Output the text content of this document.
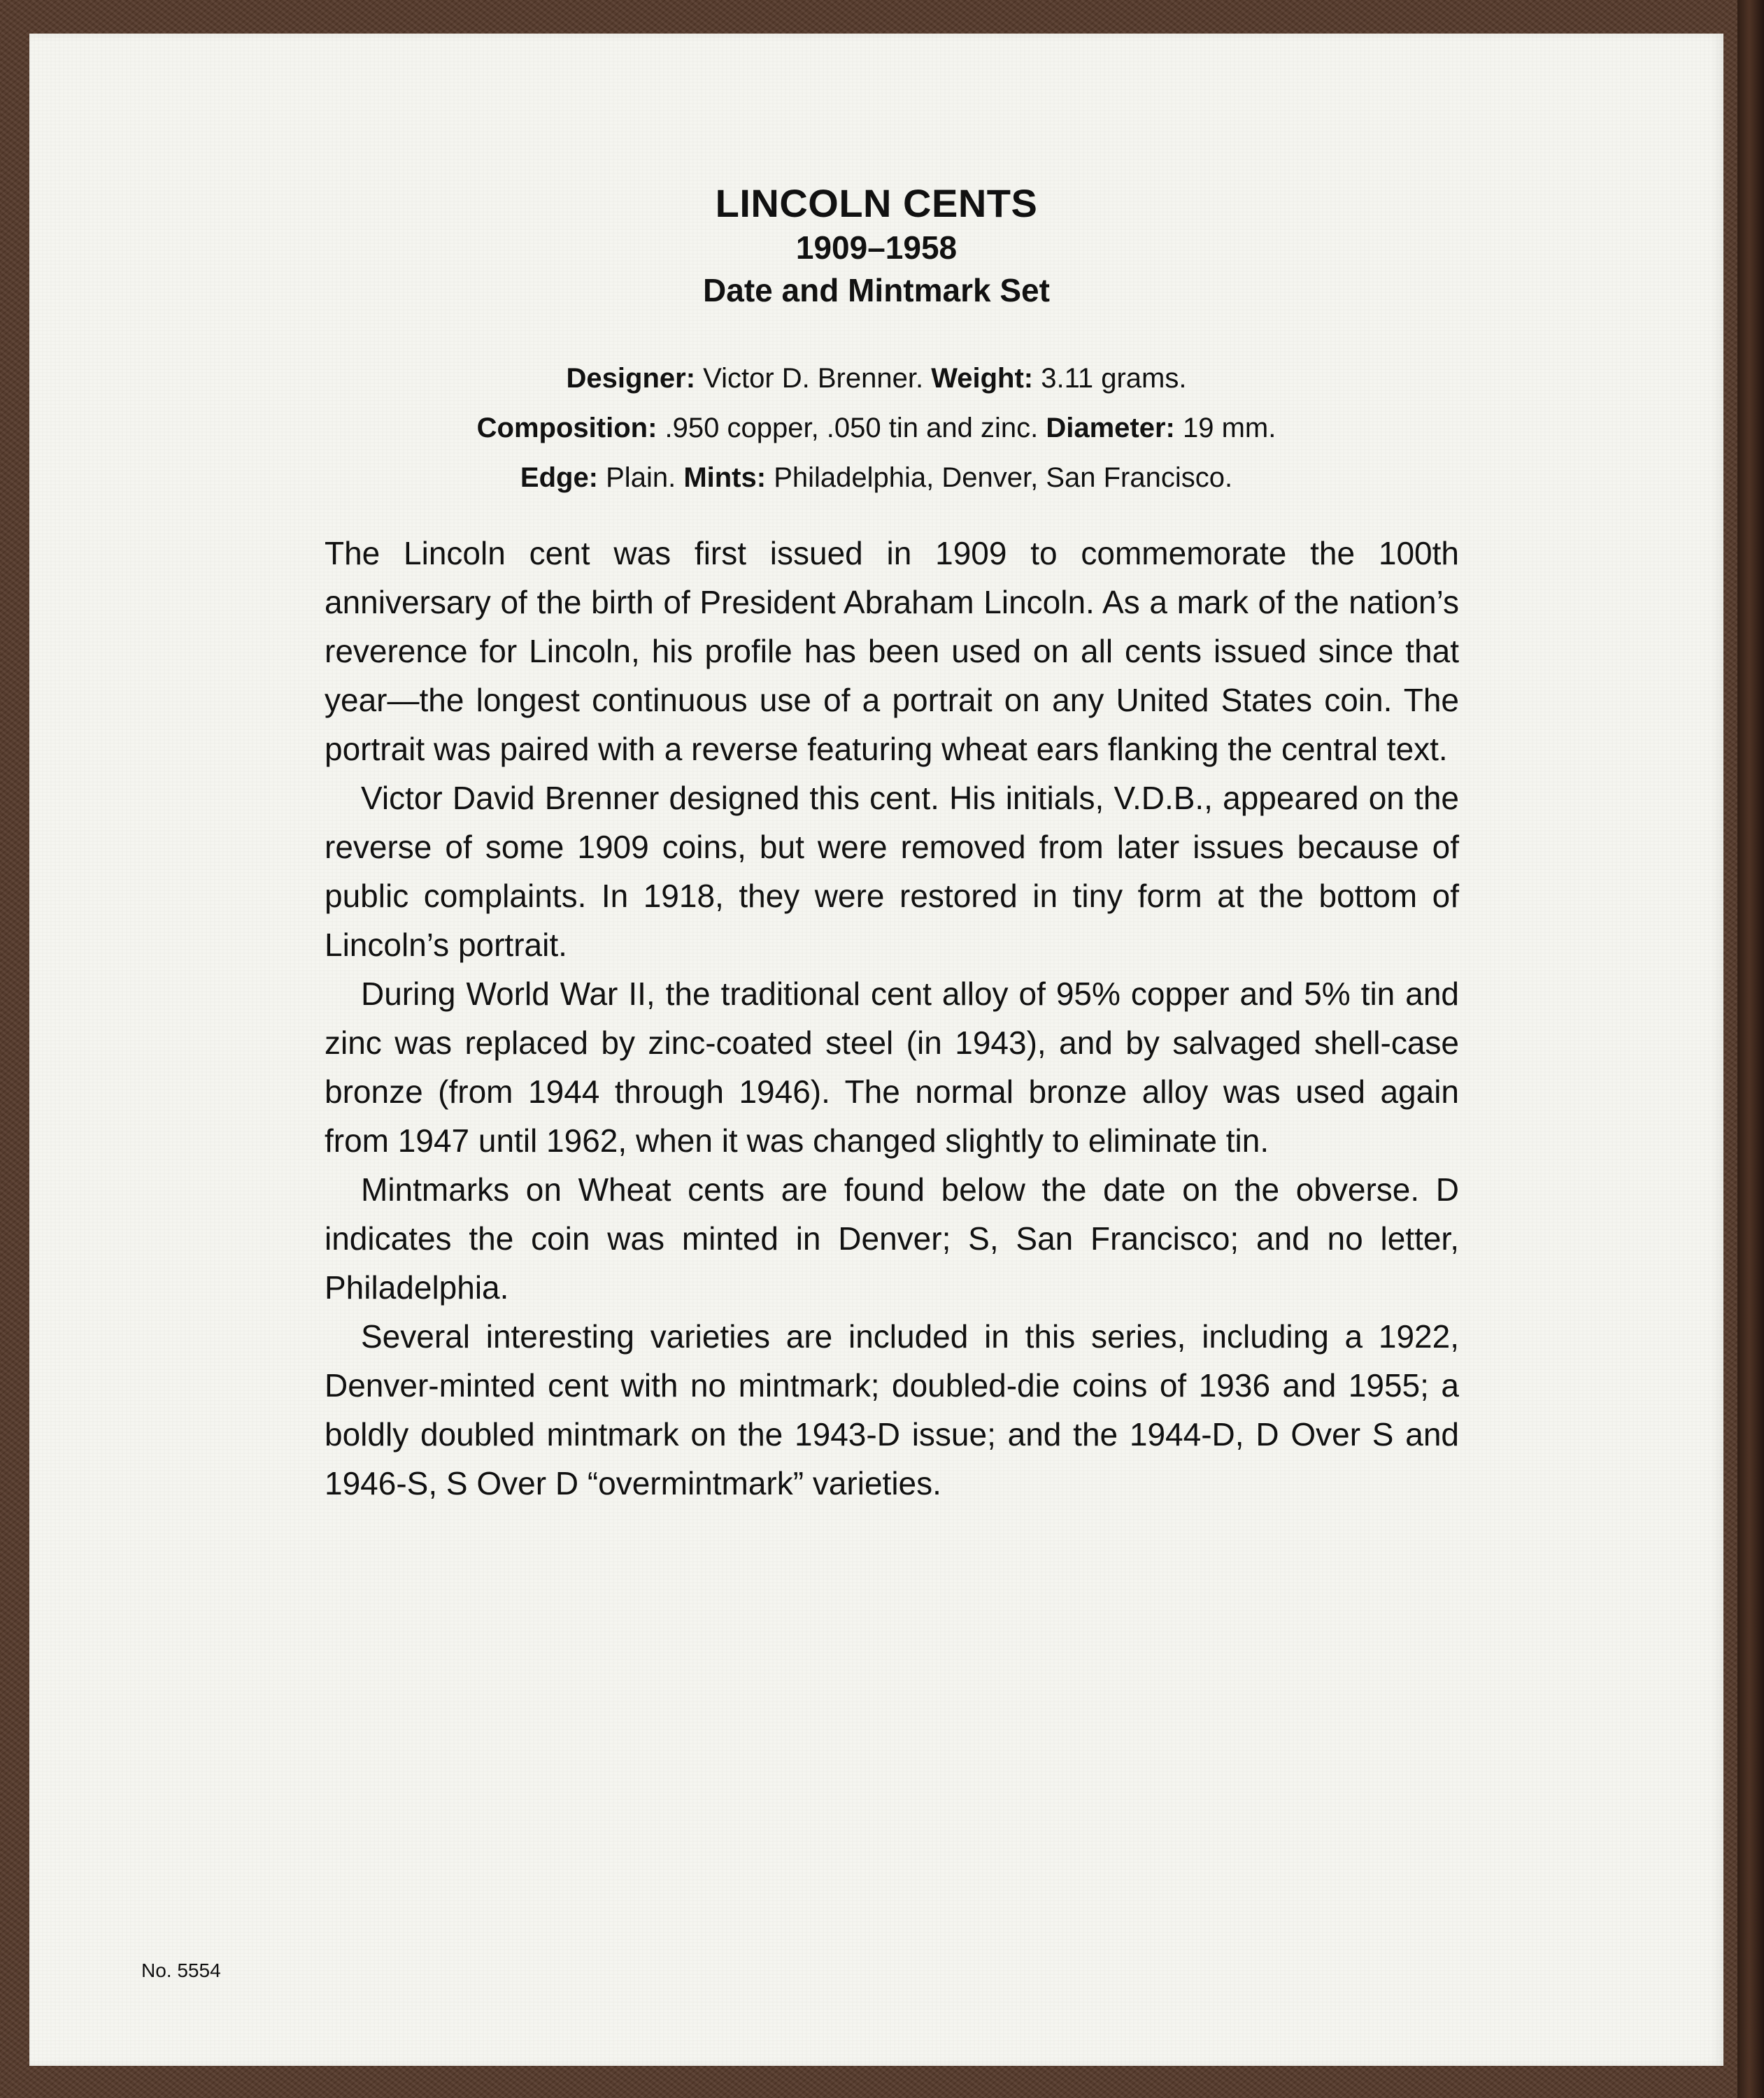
LINCOLN CENTS
1909–1958
Date and Mintmark Set
Designer: Victor D. Brenner. Weight: 3.11 grams.
Composition: .950 copper, .050 tin and zinc. Diameter: 19 mm.
Edge: Plain. Mints: Philadelphia, Denver, San Francisco.

The Lincoln cent was first issued in 1909 to commemorate the 100th anniversary of the birth of President Abraham Lincoln. As a mark of the nation’s reverence for Lincoln, his profile has been used on all cents issued since that year—the longest continuous use of a portrait on any United States coin. The portrait was paired with a reverse featuring wheat ears flanking the central text.

Victor David Brenner designed this cent. His initials, V.D.B., appeared on the reverse of some 1909 coins, but were removed from later issues because of public complaints. In 1918, they were restored in tiny form at the bottom of Lincoln’s portrait.

During World War II, the traditional cent alloy of 95% copper and 5% tin and zinc was replaced by zinc-coated steel (in 1943), and by salvaged shell-case bronze (from 1944 through 1946). The normal bronze alloy was used again from 1947 until 1962, when it was changed slightly to eliminate tin.

Mintmarks on Wheat cents are found below the date on the obverse. D indicates the coin was minted in Denver; S, San Francisco; and no letter, Philadelphia.

Several interesting varieties are included in this series, including a 1922, Denver-minted cent with no mintmark; doubled-die coins of 1936 and 1955; a boldly doubled mintmark on the 1943-D issue; and the 1944-D, D Over S and 1946-S, S Over D “overmintmark” varieties.

No. 5554
